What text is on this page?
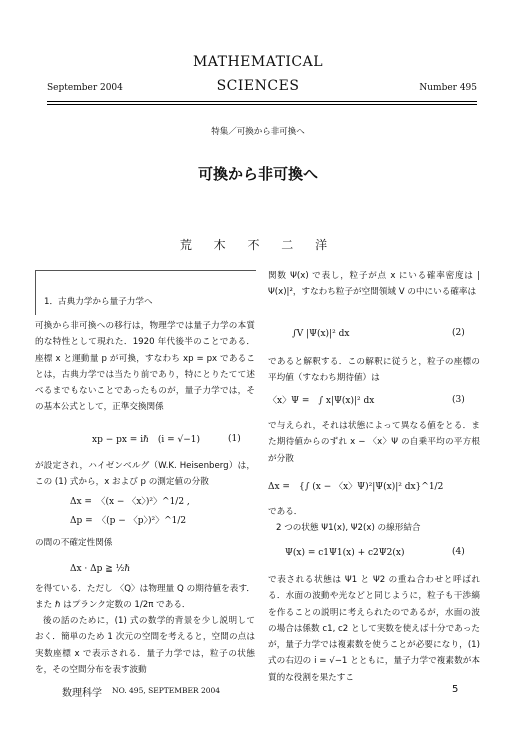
September 2004
MATHEMATICAL
SCIENCES	Number 495
特集／可換から非可換へ
可換から非可換へ
荒 木 不 二 洋
1．古典力学から量子力学へ
可換から非可換への移行は，物理学では量子力学の本質的な特性として現れた．1920 年代後半のことである．座標 x と運動量 p が可換，すなわち xp = px であることは，古典力学では当たり前であり，特にとりたてて述べるまでもないことであったものが，量子力学では，その基本公式として，正準交換関係
xp − px = iℏ　(i = √−1)	(1)
が設定され，ハイゼンベルグ（W.K. Heisenberg）は，この (1) 式から，x および p の測定値の分散
Δx =　〈(x − 〈x〉)²〉^1/2 ,
Δp =　〈(p − 〈p〉)²〉^1/2
の間の不確定性関係
Δx · Δp ≧ ½ℏ
を得ている．ただし 〈Q〉は物理量 Q の期待値を表す．また ℏ はプランク定数の 1/2π である．
後の話のために，(1) 式の数学的背景を少し説明しておく．簡単のため 1 次元の空間を考えると，空間の点は実数座標 x で表示される．量子力学では，粒子の状態を，その空間分布を表す波動
関数 Ψ(x) で表し，粒子が点 x にいる確率密度は |Ψ(x)|²，すなわち粒子が空間領域 V の中にいる確率は
∫V |Ψ(x)|² dx	(2)
であると解釈する．この解釈に従うと，粒子の座標の平均値（すなわち期待値）は
〈x〉Ψ =　∫ x|Ψ(x)|² dx	(3)
で与えられ，それは状態によって異なる値をとる．また期待値からのずれ x − 〈x〉Ψ の自乗平均の平方根が分散
Δx =　{∫ (x − 〈x〉Ψ)²|Ψ(x)|² dx}^1/2
である．
2 つの状態 Ψ1(x), Ψ2(x) の線形結合
Ψ(x) = c1Ψ1(x) + c2Ψ2(x)	(4)
で表される状態は Ψ1 と Ψ2 の重ね合わせと呼ばれる．水面の波動や光などと同じように，粒子も干渉縞を作ることの説明に考えられたのであるが，水面の波の場合は係数 c1, c2 として実数を使えば十分であったが，量子力学では複素数を使うことが必要になり，(1) 式の右辺の i = √−1 とともに，量子力学で複素数が本質的な役割を果たすこ
数理科学 NO. 495, SEPTEMBER 2004	5
